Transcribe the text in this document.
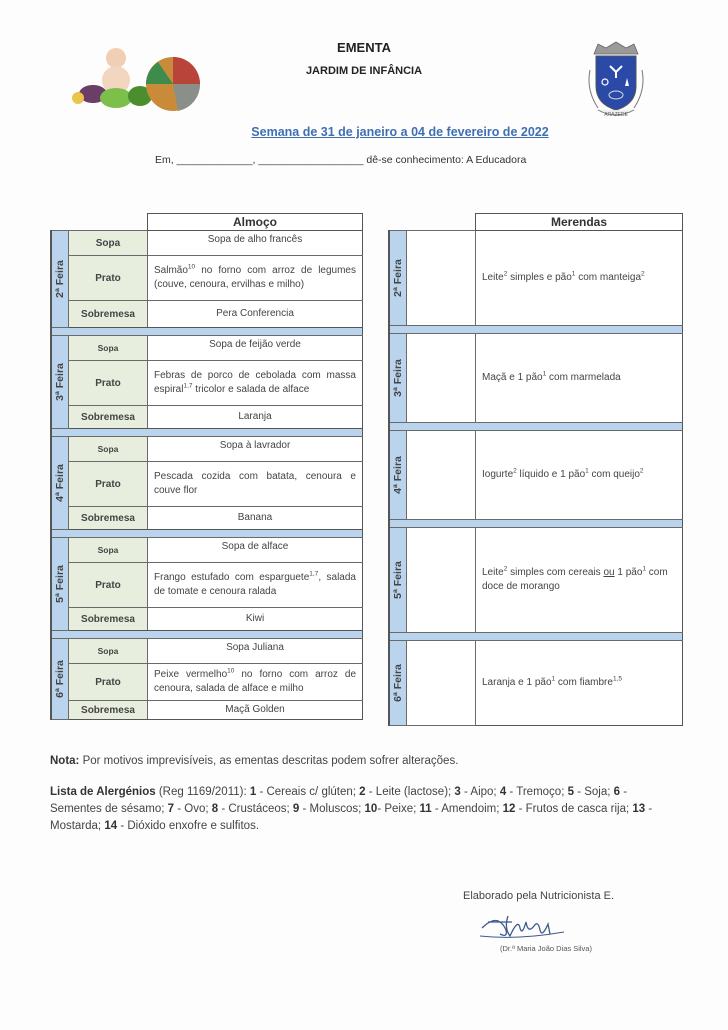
EMENTA
JARDIM DE INFÂNCIA
ARAZEDE
Semana de 31 de janeiro a 04 de fevereiro de 2022
Em, _____________, __________________ dê-se conhecimento: A Educadora
		Almoço

2ª Feira	Sopa	Sopa de alho francês
	Prato	Salmão$^{10}$ no forno com arroz de legumes (couve, cenoura, ervilhas e milho)
	Sobremesa	Pera Conferencia

3ª Feira	Sopa	Sopa de feijão verde
	Prato	Febras de porco de cebolada com massa espiral$^{1,7}$ tricolor e salada de alface
	Sobremesa	Laranja

4ª Feira	Sopa	Sopa à lavrador
	Prato	Pescada cozida com batata, cenoura e couve flor
	Sobremesa	Banana

5ª Feira	Sopa	Sopa de alface
	Prato	Frango estufado com esparguete$^{1,7}$, salada de tomate e cenoura ralada
	Sobremesa	Kiwi

6ª Feira	Sopa	Sopa Juliana
	Prato	Peixe vermelho$^{10}$ no forno com arroz de cenoura, salada de alface e milho
	Sobremesa	Maçã Golden
		Merendas

2ª Feira		Leite$^2$ simples e pão$^1$ com manteiga$^2$

3ª Feira		Maçã e 1 pão$^1$ com marmelada

4ª Feira		Iogurte$^2$ líquido e 1 pão$^1$ com queijo$^2$

5ª Feira		Leite$^2$ simples com cereais ou 1 pão$^1$ com doce de morango

6ª Feira		Laranja e 1 pão$^1$ com fiambre$^{1,5}$
Nota: Por motivos imprevisíveis, as ementas descritas podem sofrer alterações.
Lista de Alergénios (Reg 1169/2011): 1 - Cereais c/ glúten; 2 - Leite (lactose); 3 - Aipo; 4 - Tremoço; 5 - Soja; 6 - Sementes de sésamo; 7 - Ovo; 8 - Crustáceos; 9 - Moluscos; 10- Peixe; 11 - Amendoim; 12 - Frutos de casca rija; 13 - Mostarda; 14 - Dióxido enxofre e sulfitos.
Elaborado pela Nutricionista E.
(Dr.ª Maria João Dias Silva)
